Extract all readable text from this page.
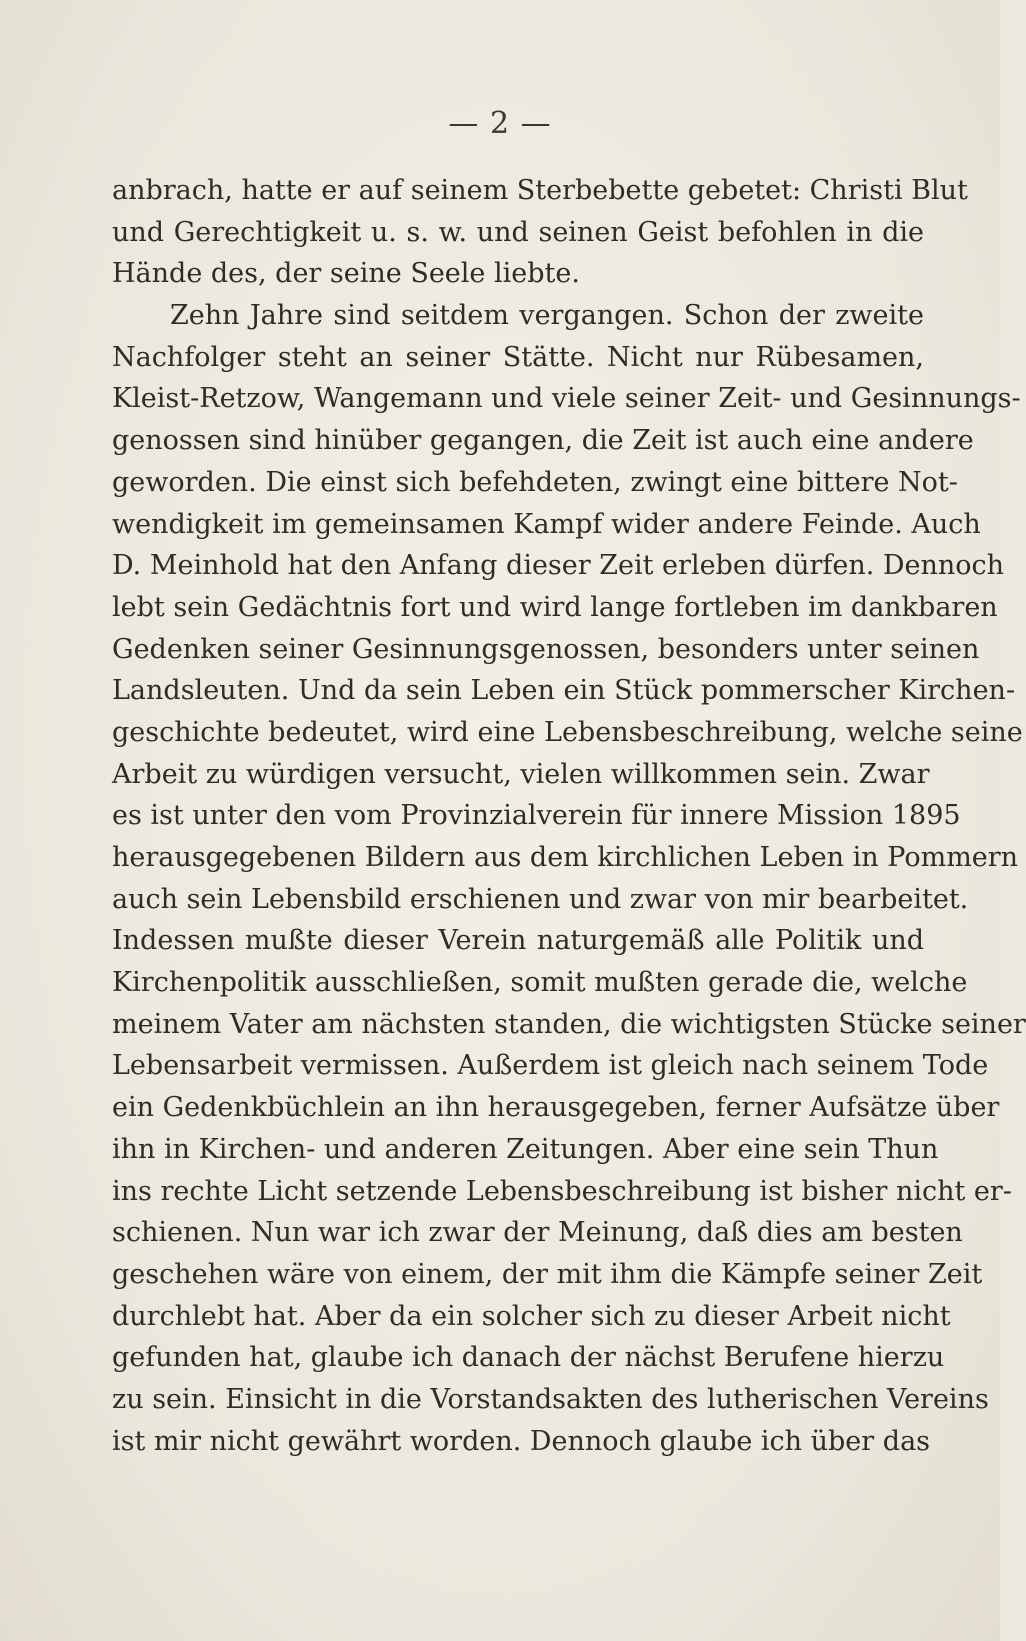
— 2 —
anbrach, hatte er auf seinem Sterbebette gebetet: Christi Blut
und Gerechtigkeit u. s. w. und seinen Geist befohlen in die
Hände des, der seine Seele liebte.
Zehn Jahre sind seitdem vergangen. Schon der zweite
Nachfolger steht an seiner Stätte. Nicht nur Rübesamen,
Kleist-Retzow, Wangemann und viele seiner Zeit- und Gesinnungs-
genossen sind hinüber gegangen, die Zeit ist auch eine andere
geworden. Die einst sich befehdeten, zwingt eine bittere Not-
wendigkeit im gemeinsamen Kampf wider andere Feinde. Auch
D. Meinhold hat den Anfang dieser Zeit erleben dürfen. Dennoch
lebt sein Gedächtnis fort und wird lange fortleben im dankbaren
Gedenken seiner Gesinnungsgenossen, besonders unter seinen
Landsleuten. Und da sein Leben ein Stück pommerscher Kirchen-
geschichte bedeutet, wird eine Lebensbeschreibung, welche seine
Arbeit zu würdigen versucht, vielen willkommen sein. Zwar
es ist unter den vom Provinzialverein für innere Mission 1895
herausgegebenen Bildern aus dem kirchlichen Leben in Pommern
auch sein Lebensbild erschienen und zwar von mir bearbeitet.
Indessen mußte dieser Verein naturgemäß alle Politik und
Kirchenpolitik ausschließen, somit mußten gerade die, welche
meinem Vater am nächsten standen, die wichtigsten Stücke seiner
Lebensarbeit vermissen. Außerdem ist gleich nach seinem Tode
ein Gedenkbüchlein an ihn herausgegeben, ferner Aufsätze über
ihn in Kirchen- und anderen Zeitungen. Aber eine sein Thun
ins rechte Licht setzende Lebensbeschreibung ist bisher nicht er-
schienen. Nun war ich zwar der Meinung, daß dies am besten
geschehen wäre von einem, der mit ihm die Kämpfe seiner Zeit
durchlebt hat. Aber da ein solcher sich zu dieser Arbeit nicht
gefunden hat, glaube ich danach der nächst Berufene hierzu
zu sein. Einsicht in die Vorstandsakten des lutherischen Vereins
ist mir nicht gewährt worden. Dennoch glaube ich über das
